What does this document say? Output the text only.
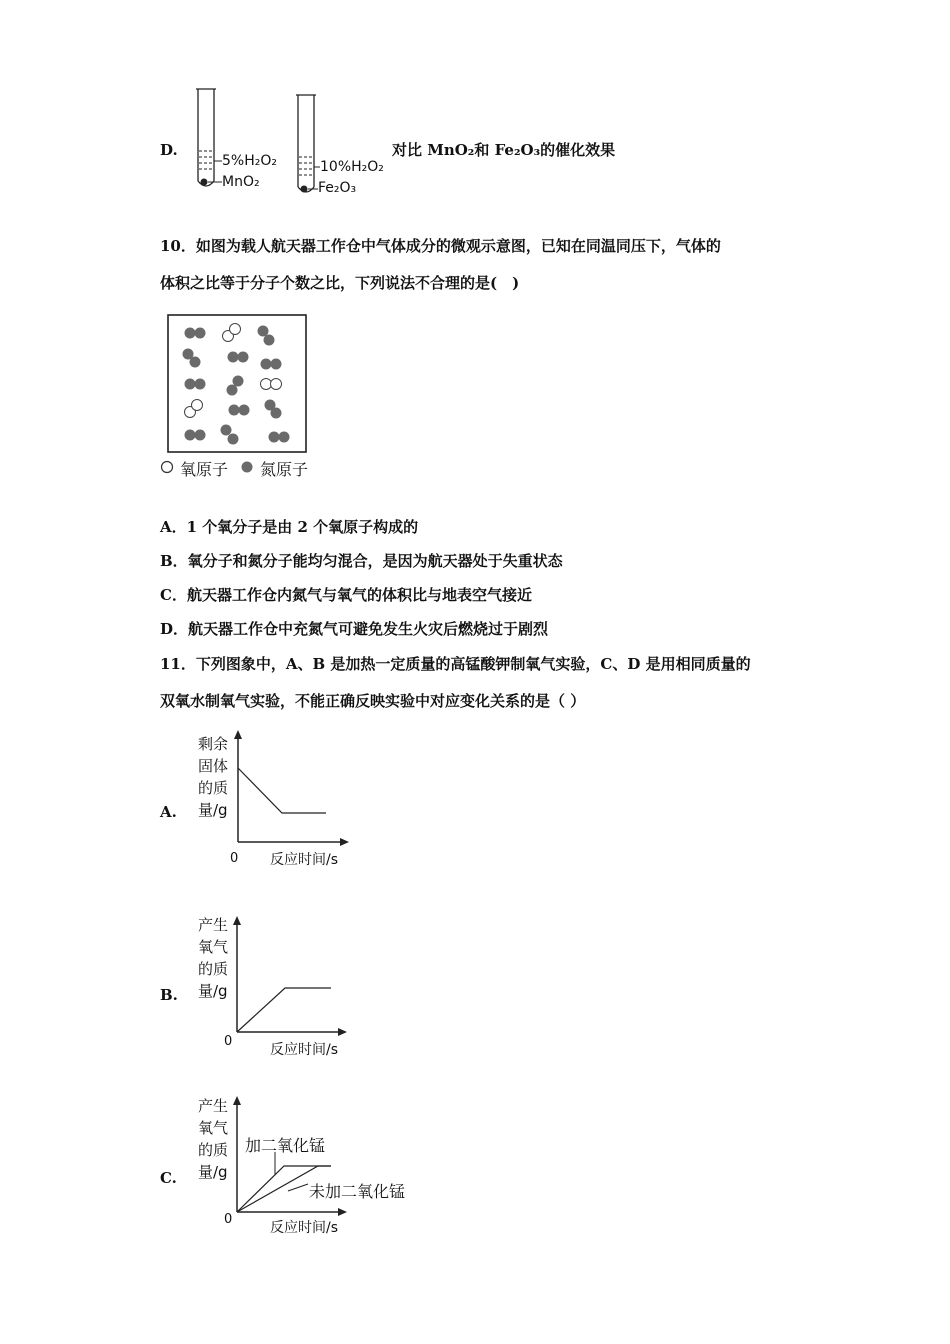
D.
5%H₂O₂
MnO₂
10%H₂O₂
Fe₂O₃
对比 MnO₂和 Fe₂O₃的催化效果
10．如图为载人航天器工作仓中气体成分的微观示意图，已知在同温同压下，气体的
体积之比等于分子个数之比，下列说法不合理的是(　)
氧原子 氮原子
A．1 个氧分子是由 2 个氧原子构成的
B．氧分子和氮分子能均匀混合，是因为航天器处于失重状态
C．航天器工作仓内氮气与氧气的体积比与地表空气接近
D．航天器工作仓中充氮气可避免发生火灾后燃烧过于剧烈
11．下列图象中，A、B 是加热一定质量的高锰酸钾制氧气实验，C、D 是用相同质量的
双氧水制氧气实验，不能正确反映实验中对应变化关系的是（ ）
A.
剩余
固体
的质
量/g
0 反应时间/s
B.
产生
氧气
的质
量/g
0
反应时间/s
C.
产生
氧气
的质
量/g
加二氧化锰
未加二氧化锰
0
反应时间/s
